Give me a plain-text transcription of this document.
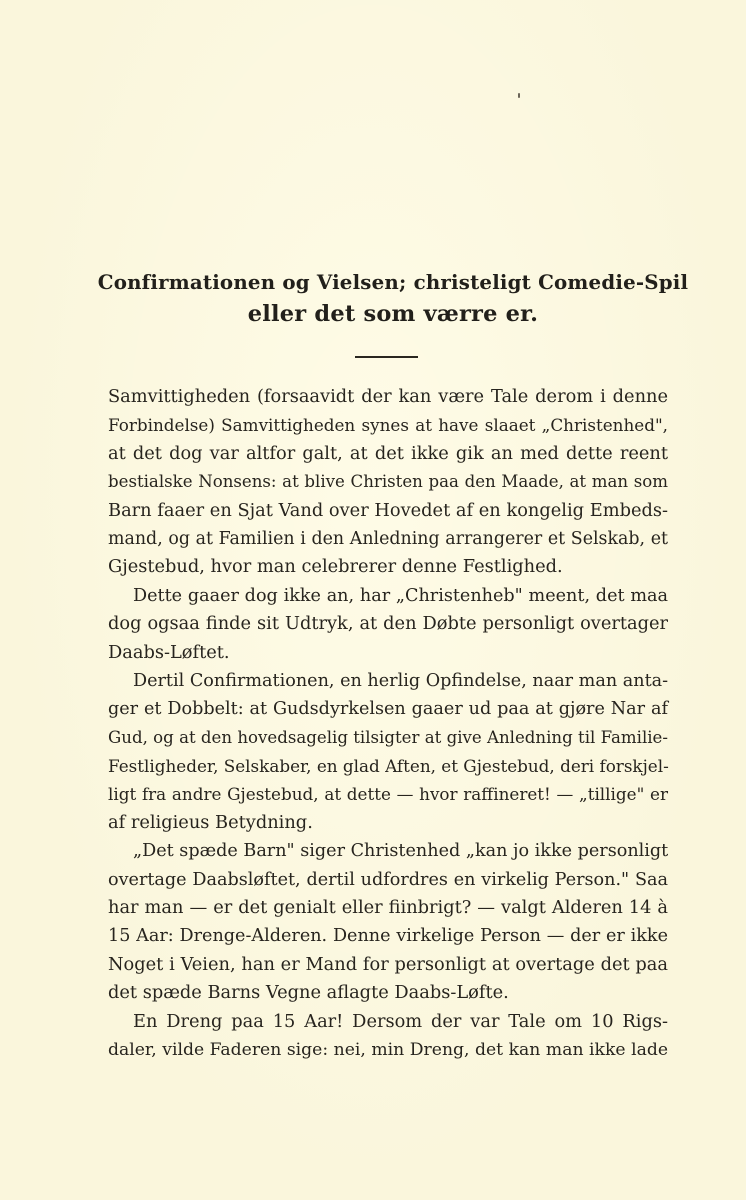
Confirmationen og Vielsen; christeligt Comedie-Spil
eller det som værre er.
Samvittigheden (forsaavidt der kan være Tale derom i denne
Forbindelse) Samvittigheden synes at have slaaet „Christenhed",
at det dog var altfor galt, at det ikke gik an med dette reent
bestialske Nonsens: at blive Christen paa den Maade, at man som
Barn faaer en Sjat Vand over Hovedet af en kongelig Embeds-
mand, og at Familien i den Anledning arrangerer et Selskab, et
Gjestebud, hvor man celebrerer denne Festlighed.
Dette gaaer dog ikke an, har „Christenheb" meent, det maa
dog ogsaa finde sit Udtryk, at den Døbte personligt overtager
Daabs-Løftet.
Dertil Confirmationen, en herlig Opfindelse, naar man anta-
ger et Dobbelt: at Gudsdyrkelsen gaaer ud paa at gjøre Nar af
Gud, og at den hovedsagelig tilsigter at give Anledning til Familie-
Festligheder, Selskaber, en glad Aften, et Gjestebud, deri forskjel-
ligt fra andre Gjestebud, at dette — hvor raffineret! — „tillige" er
af religieus Betydning.
„Det spæde Barn" siger Christenhed „kan jo ikke personligt
overtage Daabsløftet, dertil udfordres en virkelig Person." Saa
har man — er det genialt eller fiinbrigt? — valgt Alderen 14 à
15 Aar: Drenge-Alderen. Denne virkelige Person — der er ikke
Noget i Veien, han er Mand for personligt at overtage det paa
det spæde Barns Vegne aflagte Daabs-Løfte.
En Dreng paa 15 Aar! Dersom der var Tale om 10 Rigs-
daler, vilde Faderen sige: nei, min Dreng, det kan man ikke lade
